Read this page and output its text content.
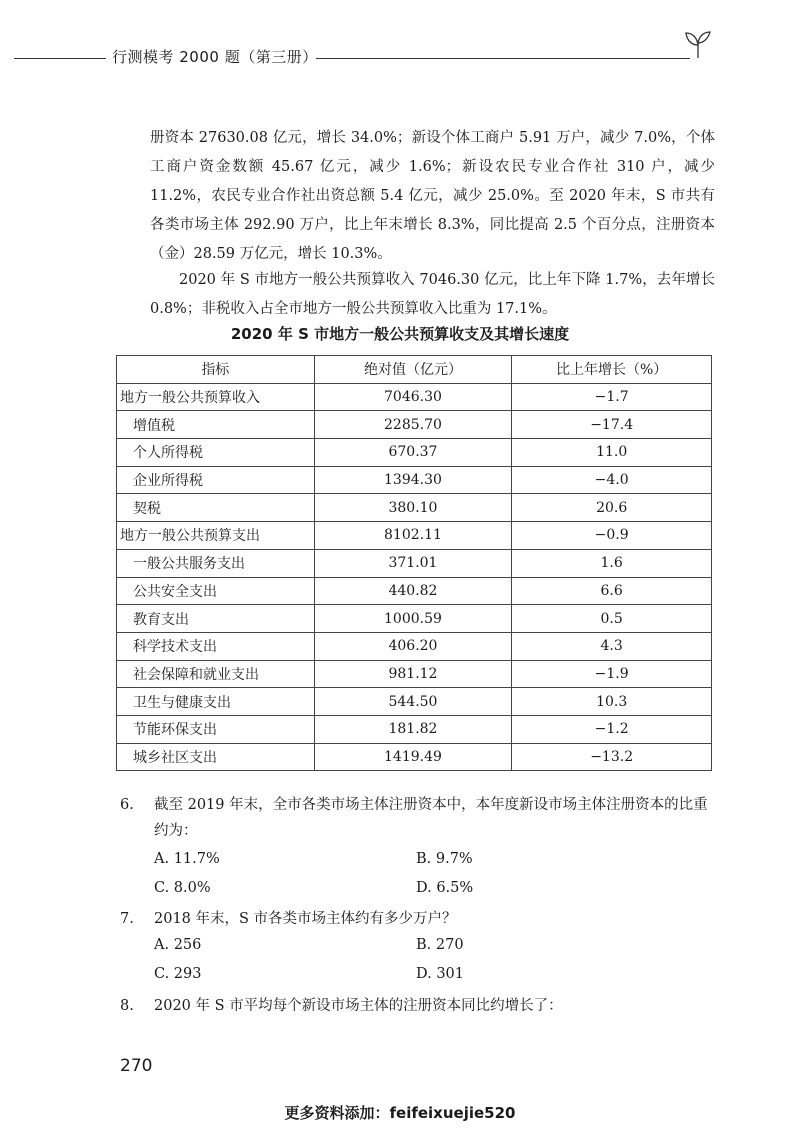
行测模考 2000 题（第三册）

册资本 27630.08 亿元，增长 34.0%；新设个体工商户 5.91 万户，减少 7.0%，个体工商户资金数额 45.67 亿元，减少 1.6%；新设农民专业合作社 310 户，减少 11.2%，农民专业合作社出资总额 5.4 亿元，减少 25.0%。至 2020 年末，S 市共有各类市场主体 292.90 万户，比上年末增长 8.3%，同比提高 2.5 个百分点，注册资本（金）28.59 万亿元，增长 10.3%。

2020 年 S 市地方一般公共预算收入 7046.30 亿元，比上年下降 1.7%，去年增长 0.8%；非税收入占全市地方一般公共预算收入比重为 17.1%。

2020 年 S 市地方一般公共预算收支及其增长速度
指标	绝对值（亿元）	比上年增长（%）
地方一般公共预算收入	7046.30	−1.7
增值税	2285.70	−17.4
个人所得税	670.37	11.0
企业所得税	1394.30	−4.0
契税	380.10	20.6
地方一般公共预算支出	8102.11	−0.9
一般公共服务支出	371.01	1.6
公共安全支出	440.82	6.6
教育支出	1000.59	0.5
科学技术支出	406.20	4.3
社会保障和就业支出	981.12	−1.9
卫生与健康支出	544.50	10.3
节能环保支出	181.82	−1.2
城乡社区支出	1419.49	−13.2
6.	截至 2019 年末，全市各类市场主体注册资本中，本年度新设市场主体注册资本的比重约为：
A. 11.7%	B. 9.7%
C. 8.0%	D. 6.5%
7.	2018 年末，S 市各类市场主体约有多少万户？
A. 256	B. 270
C. 293	D. 301
8.	2020 年 S 市平均每个新设市场主体的注册资本同比约增长了：
270
更多资料添加：feifeixuejie520
